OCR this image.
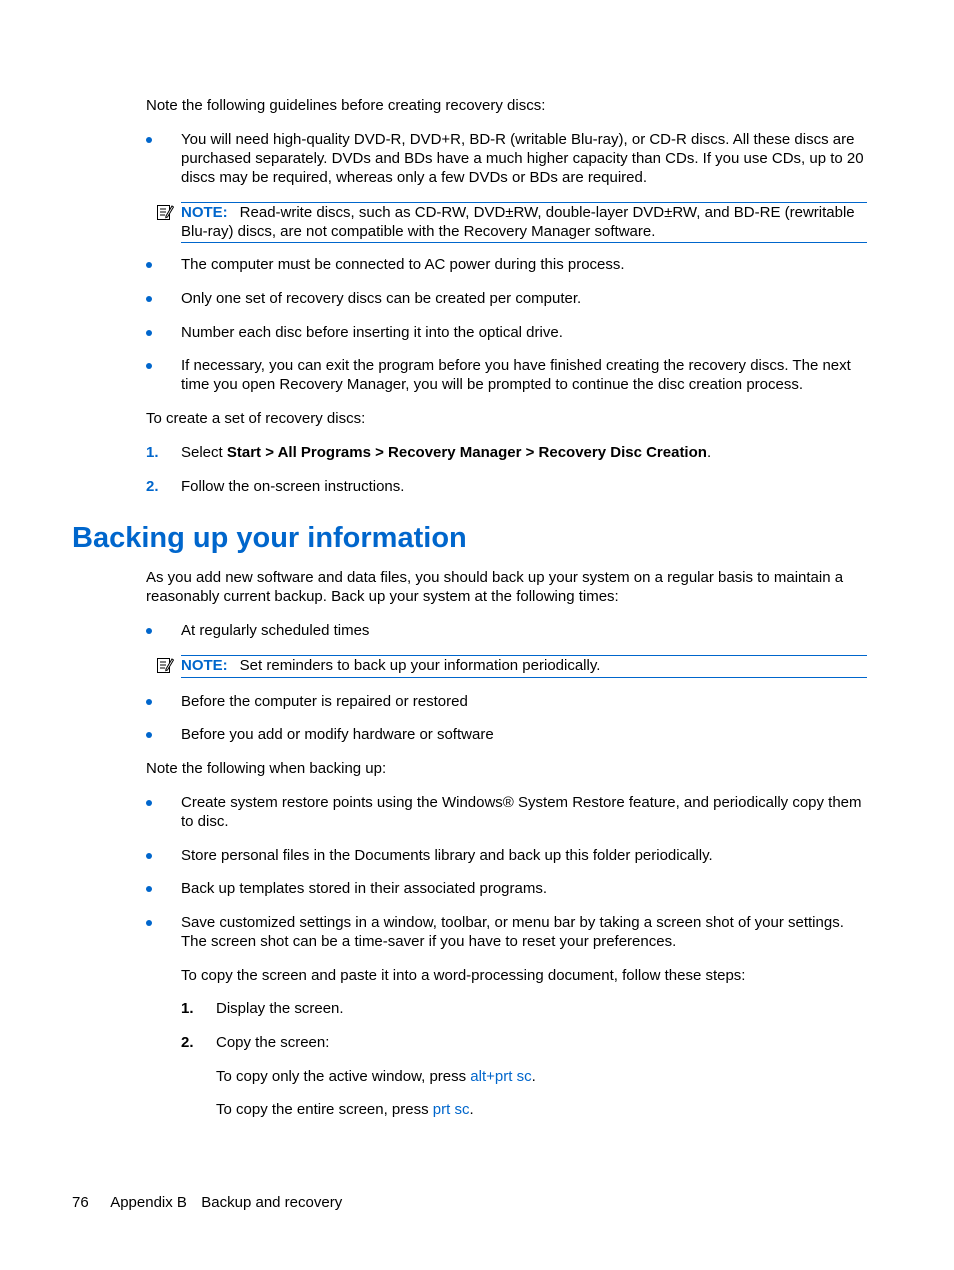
Note the following guidelines before creating recovery discs:
You will need high-quality DVD-R, DVD+R, BD-R (writable Blu-ray), or CD-R discs. All these discs are purchased separately. DVDs and BDs have a much higher capacity than CDs. If you use CDs, up to 20 discs may be required, whereas only a few DVDs or BDs are required.
NOTE: Read-write discs, such as CD-RW, DVD±RW, double-layer DVD±RW, and BD-RE (rewritable Blu-ray) discs, are not compatible with the Recovery Manager software.
The computer must be connected to AC power during this process.
Only one set of recovery discs can be created per computer.
Number each disc before inserting it into the optical drive.
If necessary, you can exit the program before you have finished creating the recovery discs. The next time you open Recovery Manager, you will be prompted to continue the disc creation process.
To create a set of recovery discs:
1. Select Start > All Programs > Recovery Manager > Recovery Disc Creation.
2. Follow the on-screen instructions.
Backing up your information
As you add new software and data files, you should back up your system on a regular basis to maintain a reasonably current backup. Back up your system at the following times:
At regularly scheduled times
NOTE: Set reminders to back up your information periodically.
Before the computer is repaired or restored
Before you add or modify hardware or software
Note the following when backing up:
Create system restore points using the Windows® System Restore feature, and periodically copy them to disc.
Store personal files in the Documents library and back up this folder periodically.
Back up templates stored in their associated programs.
Save customized settings in a window, toolbar, or menu bar by taking a screen shot of your settings. The screen shot can be a time-saver if you have to reset your preferences.
To copy the screen and paste it into a word-processing document, follow these steps:
1. Display the screen.
2. Copy the screen:
To copy only the active window, press alt+prt sc.
To copy the entire screen, press prt sc.
76 Appendix B Backup and recovery
